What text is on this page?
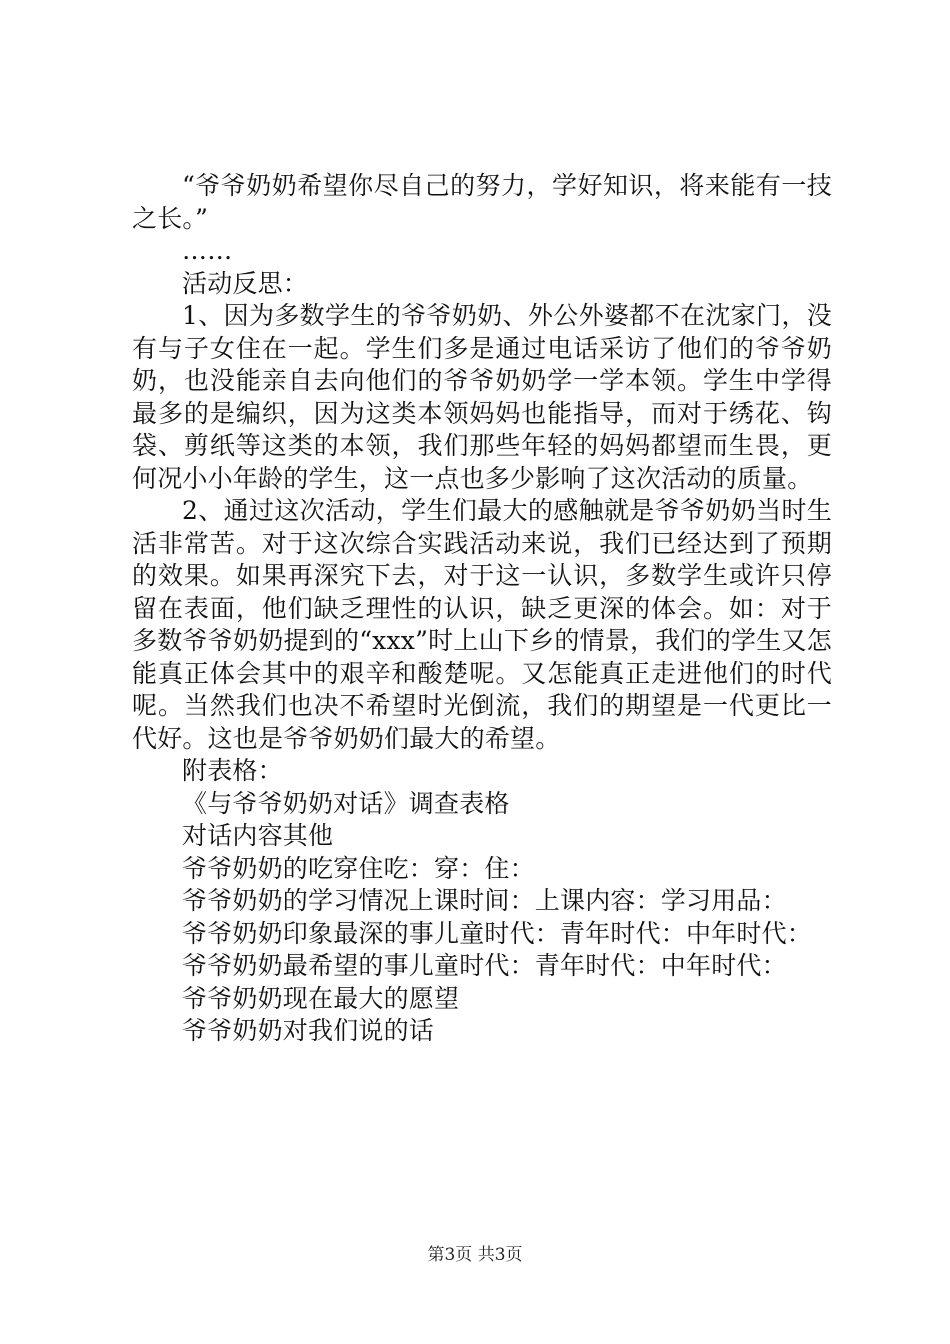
“爷爷奶奶希望你尽自己的努力，学好知识，将来能有一技之长。”

……

活动反思：

1、因为多数学生的爷爷奶奶、外公外婆都不在沈家门，没有与子女住在一起。学生们多是通过电话采访了他们的爷爷奶奶，也没能亲自去向他们的爷爷奶奶学一学本领。学生中学得最多的是编织，因为这类本领妈妈也能指导，而对于绣花、钩袋、剪纸等这类的本领，我们那些年轻的妈妈都望而生畏，更何况小小年龄的学生，这一点也多少影响了这次活动的质量。

2、通过这次活动，学生们最大的感触就是爷爷奶奶当时生活非常苦。对于这次综合实践活动来说，我们已经达到了预期的效果。如果再深究下去，对于这一认识，多数学生或许只停留在表面，他们缺乏理性的认识，缺乏更深的体会。如：对于多数爷爷奶奶提到的“xxx”时上山下乡的情景，我们的学生又怎能真正体会其中的艰辛和酸楚呢。又怎能真正走进他们的时代呢。当然我们也决不希望时光倒流，我们的期望是一代更比一代好。这也是爷爷奶奶们最大的希望。

附表格：

《与爷爷奶奶对话》调查表格

对话内容其他

爷爷奶奶的吃穿住吃：穿：住：

爷爷奶奶的学习情况上课时间：上课内容：学习用品：

爷爷奶奶印象最深的事儿童时代：青年时代：中年时代：

爷爷奶奶最希望的事儿童时代：青年时代：中年时代：

爷爷奶奶现在最大的愿望

爷爷奶奶对我们说的话

第3页 共3页
